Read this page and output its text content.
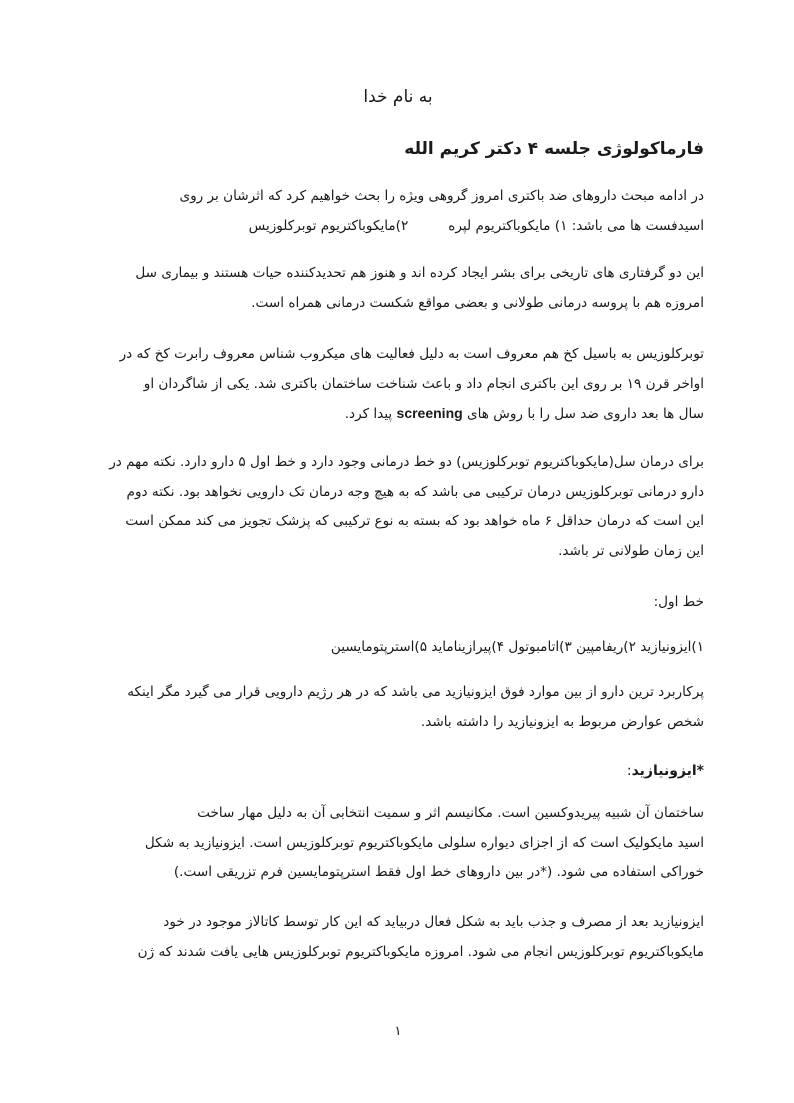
به نام خدا
فارماکولوژی جلسه ۴ دکتر کریم الله
در ادامه مبحث داروهای ضد باکتری امروز گروهی ویژه را بحث خواهیم کرد که اثرشان بر روی
اسیدفست ها می باشد: ۱) مایکوباکتریوم لپره۲)مایکوباکتریوم توبرکلوزیس
این دو گرفتاری های تاریخی برای بشر ایجاد کرده اند و هنوز هم تحدیدکننده حیات هستند و بیماری سل
امروزه هم با پروسه درمانی طولانی و بعضی مواقع شکست درمانی همراه است.
توبرکلوزیس به باسیل کخ هم معروف است به دلیل فعالیت های میکروب شناس معروف رابرت کخ که در
اواخر قرن ۱۹ بر روی این باکتری انجام داد و باعث شناخت ساختمان باکتری شد. یکی از شاگردان او
سال ها بعد داروی ضد سل را با روش های screening پیدا کرد.
برای درمان سل(مایکوباکتریوم توبرکلوزیس) دو خط درمانی وجود دارد و خط اول ۵ دارو دارد. نکته مهم در
دارو درمانی توبرکلوزیس درمان ترکیبی می باشد که به هیچ وجه درمان تک دارویی نخواهد بود. نکته دوم
این است که درمان حداقل ۶ ماه خواهد بود که بسته به نوع ترکیبی که پزشک تجویز می کند ممکن است
این زمان طولانی تر باشد.
خط اول:
۱)ایزونیازید ۲)ریفامپین ۳)اتامبوتول ۴)پیرازیناماید ۵)استرپتومایسین
پرکاربرد ترین دارو از بین موارد فوق ایزونیازید می باشد که در هر رژیم دارویی قرار می گیرد مگر اینکه
شخص عوارض مربوط به ایزونیازید را داشته باشد.
*ایزونیازید:
ساختمان آن شبیه پیریدوکسین است. مکانیسم اثر و سمیت انتخابی آن به دلیل مهار ساخت
اسید مایکولیک است که از اجزای دیواره سلولی مایکوباکتریوم توبرکلوزیس است. ایزونیازید به شکل
خوراکی استفاده می شود. (*در بین داروهای خط اول فقط استرپتومایسین فرم تزریقی است.)
ایزونیازید بعد از مصرف و جذب باید به شکل فعال دربیاید که این کار توسط کاتالاز موجود در خود
مایکوباکتریوم توبرکلوزیس انجام می شود. امروزه مایکوباکتریوم توبرکلوزیس هایی یافت شدند که ژن
۱
